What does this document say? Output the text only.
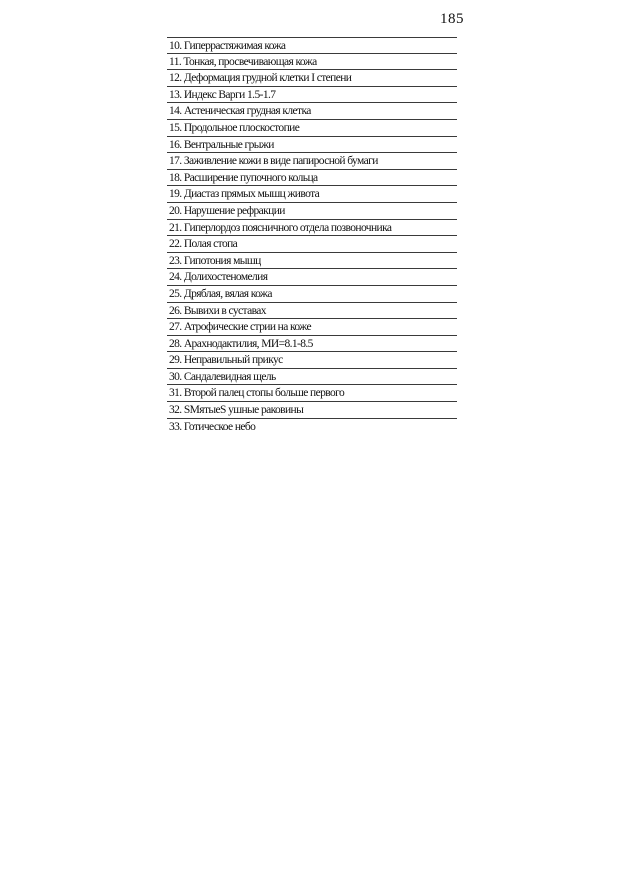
185
10. Гиперрастяжимая кожа
11. Тонкая, просвечивающая кожа
12. Деформация грудной клетки I степени
13. Индекс Варги 1.5-1.7
14. Астеническая грудная клетка
15. Продольное плоскостопие
16. Вентральные грыжи
17. Заживление кожи в виде папиросной бумаги
18. Расширение пупочного кольца
19. Диастаз прямых мышц живота
20. Нарушение рефракции
21. Гиперлордоз поясничного отдела позвоночника
22. Полая стопа
23. Гипотония мышц
24. Долихостеномелия
25. Дряблая, вялая кожа
26. Вывихи в суставах
27. Атрофические стрии на коже
28. Арахнодактилия, МИ=8.1-8.5
29. Неправильный прикус
30. Сандалевидная щель
31. Второй палец стопы больше первого
32. SMятыеS ушные раковины
33. Готическое небо
